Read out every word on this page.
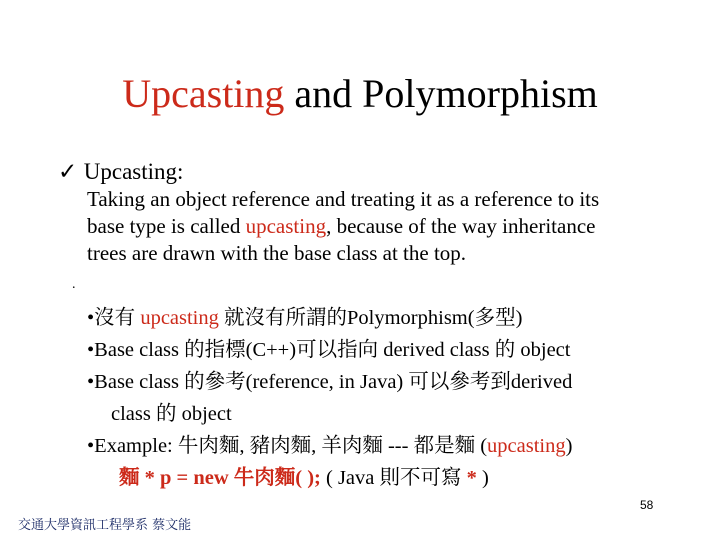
Upcasting and Polymorphism
✓ Upcasting:
Taking an object reference and treating it as a reference to its
base type is called upcasting, because of the way inheritance
trees are drawn with the base class at the top.
.
•沒有 upcasting 就沒有所謂的Polymorphism(多型)
•Base class 的指標(C++)可以指向 derived class 的 object
•Base class 的參考(reference, in Java) 可以參考到derived
class 的 object
•Example: 牛肉麵, 豬肉麵, 羊肉麵 --- 都是麵 (upcasting)
麵 * p = new 牛肉麵( ); ( Java 則不可寫 * )
58
交通大學資訊工程學系 蔡文能
